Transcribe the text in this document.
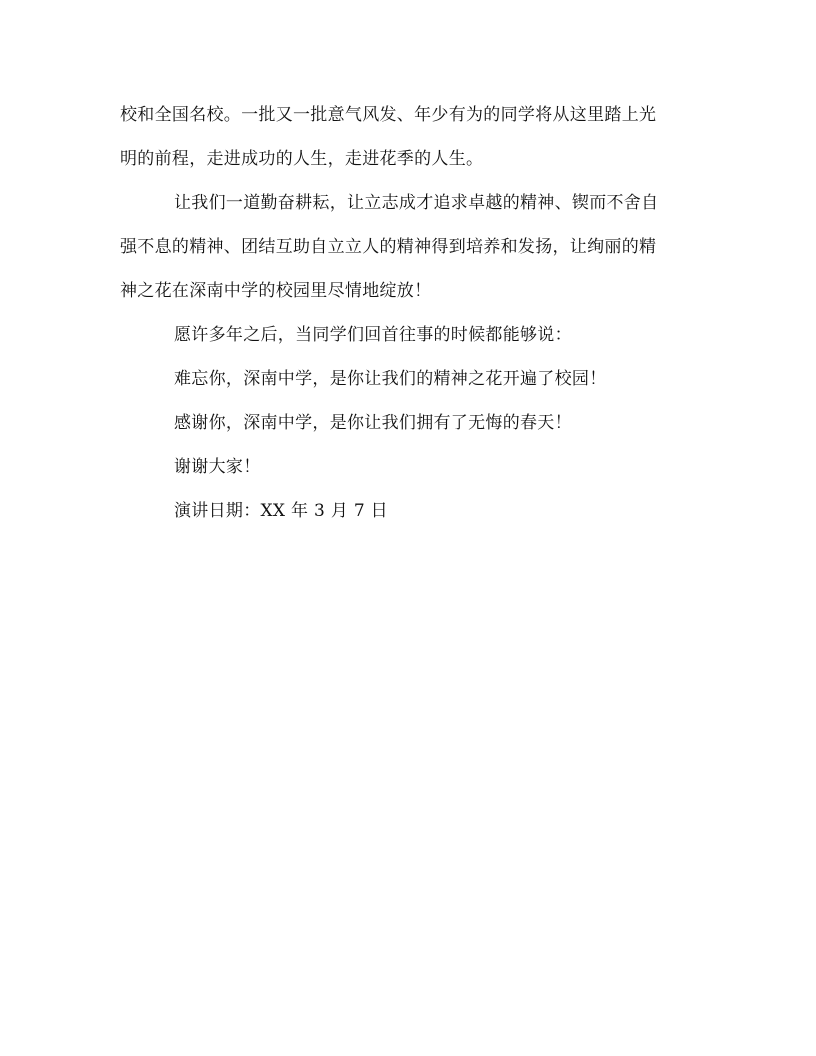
校和全国名校。一批又一批意气风发、年少有为的同学将从这里踏上光
明的前程，走进成功的人生，走进花季的人生。
让我们一道勤奋耕耘，让立志成才追求卓越的精神、锲而不舍自
强不息的精神、团结互助自立立人的精神得到培养和发扬，让绚丽的精
神之花在深南中学的校园里尽情地绽放！
愿许多年之后，当同学们回首往事的时候都能够说：
难忘你，深南中学，是你让我们的精神之花开遍了校园！
感谢你，深南中学，是你让我们拥有了无悔的春天！
谢谢大家！
演讲日期：XX 年 3 月 7 日
